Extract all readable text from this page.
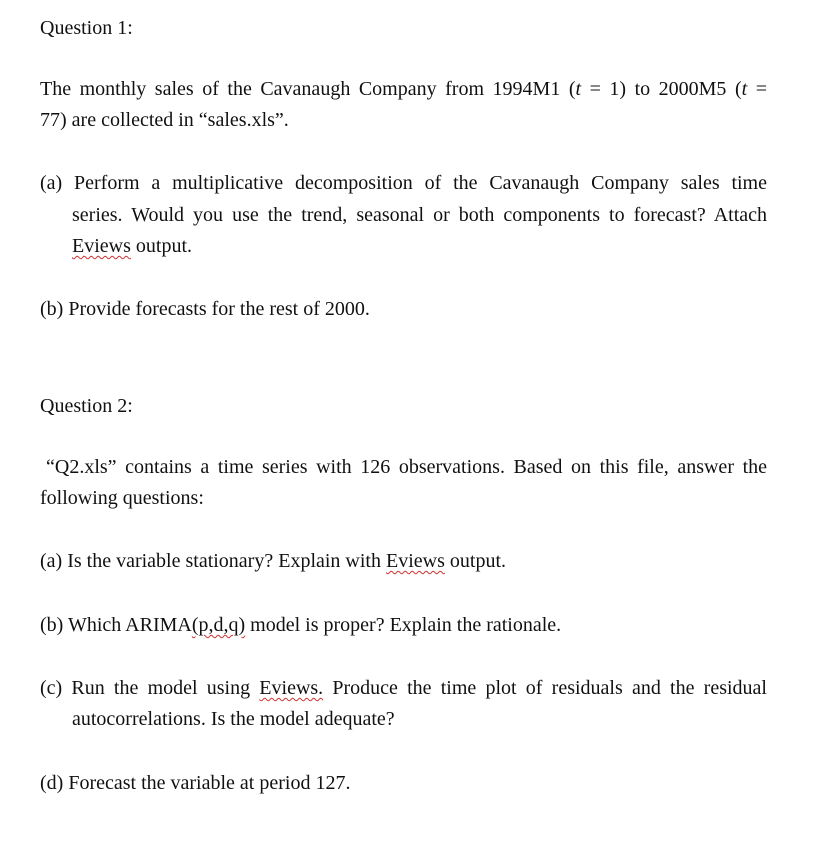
Question 1:
The monthly sales of the Cavanaugh Company from 1994M1 (t = 1) to 2000M5 (t =
77) are collected in “sales.xls”.
(a) Perform a multiplicative decomposition of the Cavanaugh Company sales time
series. Would you use the trend, seasonal or both components to forecast? Attach
Eviews output.
(b) Provide forecasts for the rest of 2000.
Question 2:
“Q2.xls” contains a time series with 126 observations. Based on this file, answer the
following questions:
(a) Is the variable stationary? Explain with Eviews output.
(b) Which ARIMA(p,d,q) model is proper? Explain the rationale.
(c) Run the model using Eviews. Produce the time plot of residuals and the residual
autocorrelations. Is the model adequate?
(d) Forecast the variable at period 127.
